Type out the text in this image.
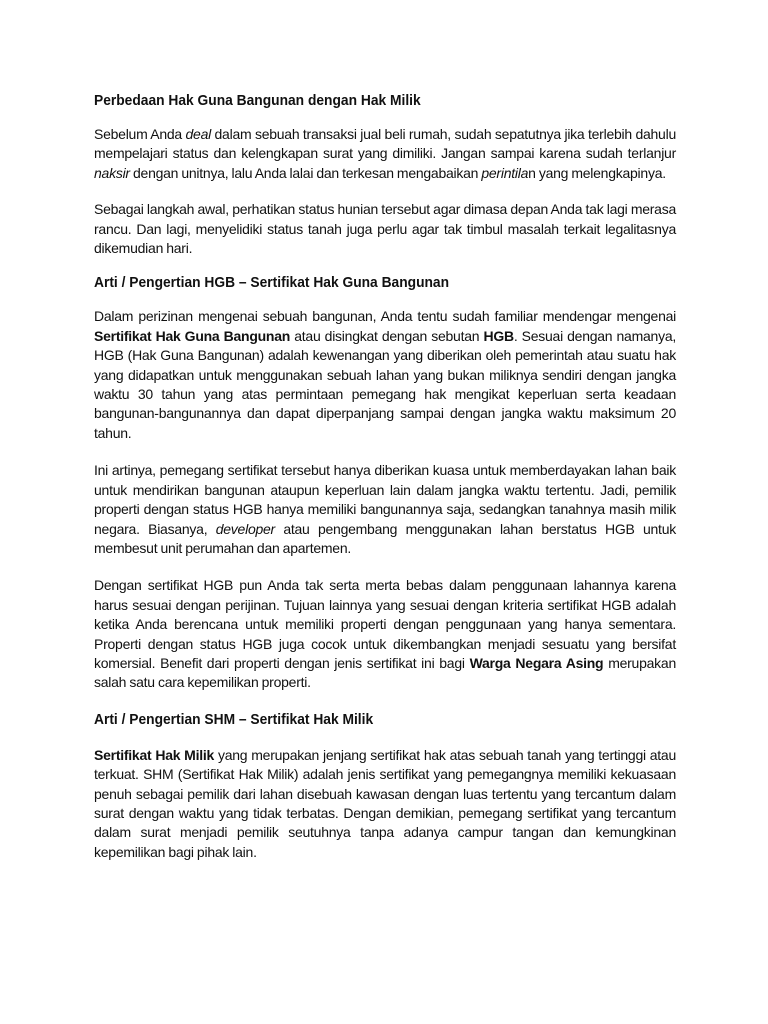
Perbedaan Hak Guna Bangunan dengan Hak Milik

Sebelum Anda deal dalam sebuah transaksi jual beli rumah, sudah sepatutnya jika terlebih dahulu mempelajari status dan kelengkapan surat yang dimiliki. Jangan sampai karena sudah terlanjur naksir dengan unitnya, lalu Anda lalai dan terkesan mengabaikan perintilan yang melengkapinya.

Sebagai langkah awal, perhatikan status hunian tersebut agar dimasa depan Anda tak lagi merasa rancu. Dan lagi, menyelidiki status tanah juga perlu agar tak timbul masalah terkait legalitasnya dikemudian hari.

Arti / Pengertian HGB – Sertifikat Hak Guna Bangunan

Dalam perizinan mengenai sebuah bangunan, Anda tentu sudah familiar mendengar mengenai Sertifikat Hak Guna Bangunan atau disingkat dengan sebutan HGB. Sesuai dengan namanya, HGB (Hak Guna Bangunan) adalah kewenangan yang diberikan oleh pemerintah atau suatu hak yang didapatkan untuk menggunakan sebuah lahan yang bukan miliknya sendiri dengan jangka waktu 30 tahun yang atas permintaan pemegang hak mengikat keperluan serta keadaan bangunan-bangunannya dan dapat diperpanjang sampai dengan jangka waktu maksimum 20 tahun.

Ini artinya, pemegang sertifikat tersebut hanya diberikan kuasa untuk memberdayakan lahan baik untuk mendirikan bangunan ataupun keperluan lain dalam jangka waktu tertentu. Jadi, pemilik properti dengan status HGB hanya memiliki bangunannya saja, sedangkan tanahnya masih milik negara. Biasanya, developer atau pengembang menggunakan lahan berstatus HGB untuk membesut unit perumahan dan apartemen.

Dengan sertifikat HGB pun Anda tak serta merta bebas dalam penggunaan lahannya karena harus sesuai dengan perijinan. Tujuan lainnya yang sesuai dengan kriteria sertifikat HGB adalah ketika Anda berencana untuk memiliki properti dengan penggunaan yang hanya sementara. Properti dengan status HGB juga cocok untuk dikembangkan menjadi sesuatu yang bersifat komersial. Benefit dari properti dengan jenis sertifikat ini bagi Warga Negara Asing merupakan salah satu cara kepemilikan properti.

Arti / Pengertian SHM – Sertifikat Hak Milik

Sertifikat Hak Milik yang merupakan jenjang sertifikat hak atas sebuah tanah yang tertinggi atau terkuat. SHM (Sertifikat Hak Milik) adalah jenis sertifikat yang pemegangnya memiliki kekuasaan penuh sebagai pemilik dari lahan disebuah kawasan dengan luas tertentu yang tercantum dalam surat dengan waktu yang tidak terbatas. Dengan demikian, pemegang sertifikat yang tercantum dalam surat menjadi pemilik seutuhnya tanpa adanya campur tangan dan kemungkinan kepemilikan bagi pihak lain.
